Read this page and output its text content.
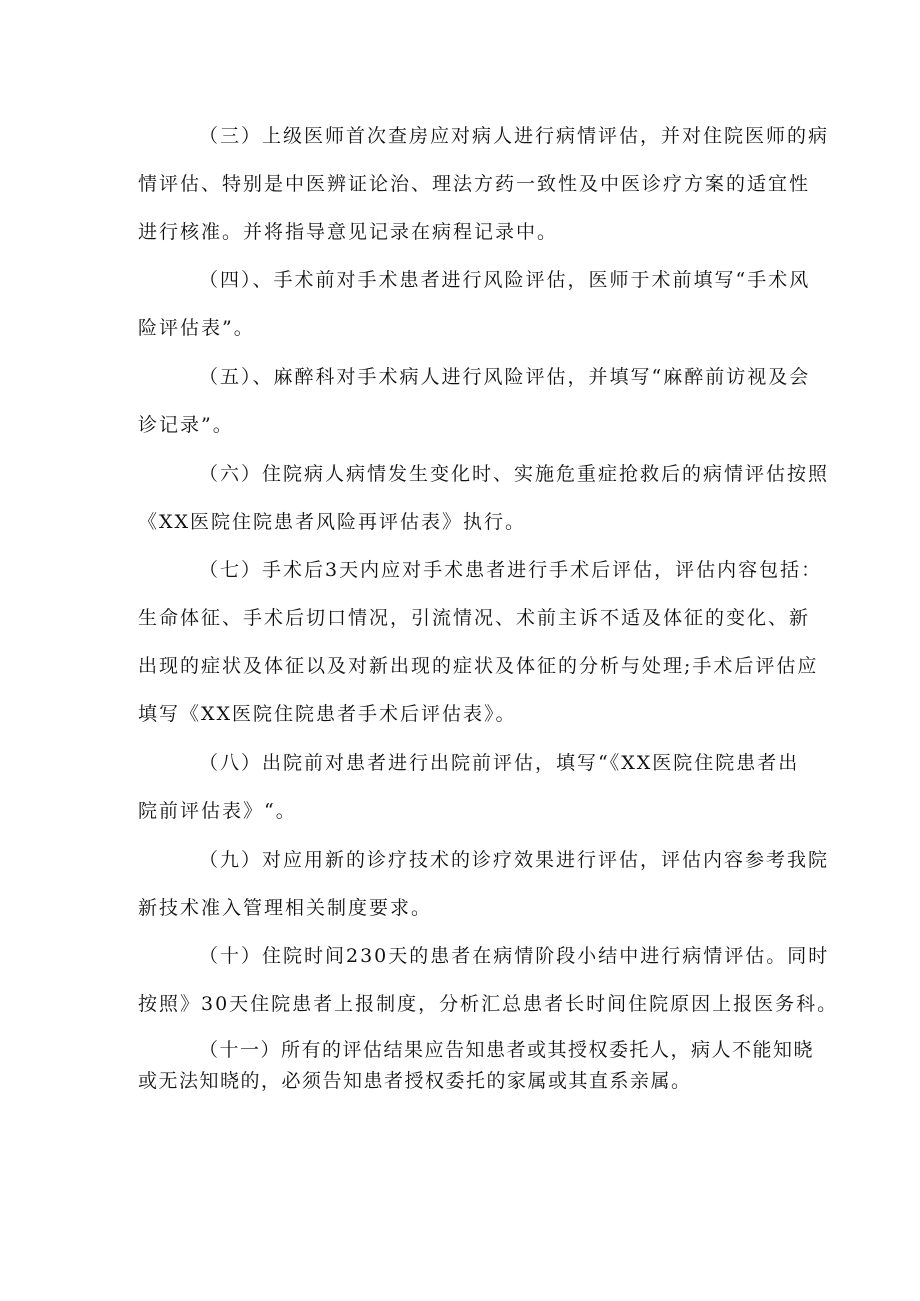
（三）上级医师首次查房应对病人进行病情评估，并对住院医师的病
情评估、特别是中医辨证论治、理法方药一致性及中医诊疗方案的适宜性
进行核准。并将指导意见记录在病程记录中。
（四）、手术前对手术患者进行风险评估，医师于术前填写“手术风
险评估表”。
（五）、麻醉科对手术病人进行风险评估，并填写“麻醉前访视及会
诊记录”。
（六）住院病人病情发生变化时、实施危重症抢救后的病情评估按照
《XX医院住院患者风险再评估表》执行。
（七）手术后3天内应对手术患者进行手术后评估，评估内容包括：
生命体征、手术后切口情况，引流情况、术前主诉不适及体征的变化、新
出现的症状及体征以及对新出现的症状及体征的分析与处理;手术后评估应
填写《XX医院住院患者手术后评估表》。
（八）出院前对患者进行出院前评估，填写“《XX医院住院患者出
院前评估表》“。
（九）对应用新的诊疗技术的诊疗效果进行评估，评估内容参考我院
新技术准入管理相关制度要求。
（十）住院时间230天的患者在病情阶段小结中进行病情评估。同时
按照》30天住院患者上报制度，分析汇总患者长时间住院原因上报医务科。
（十一）所有的评估结果应告知患者或其授权委托人，病人不能知晓
或无法知晓的，必须告知患者授权委托的家属或其直系亲属。
